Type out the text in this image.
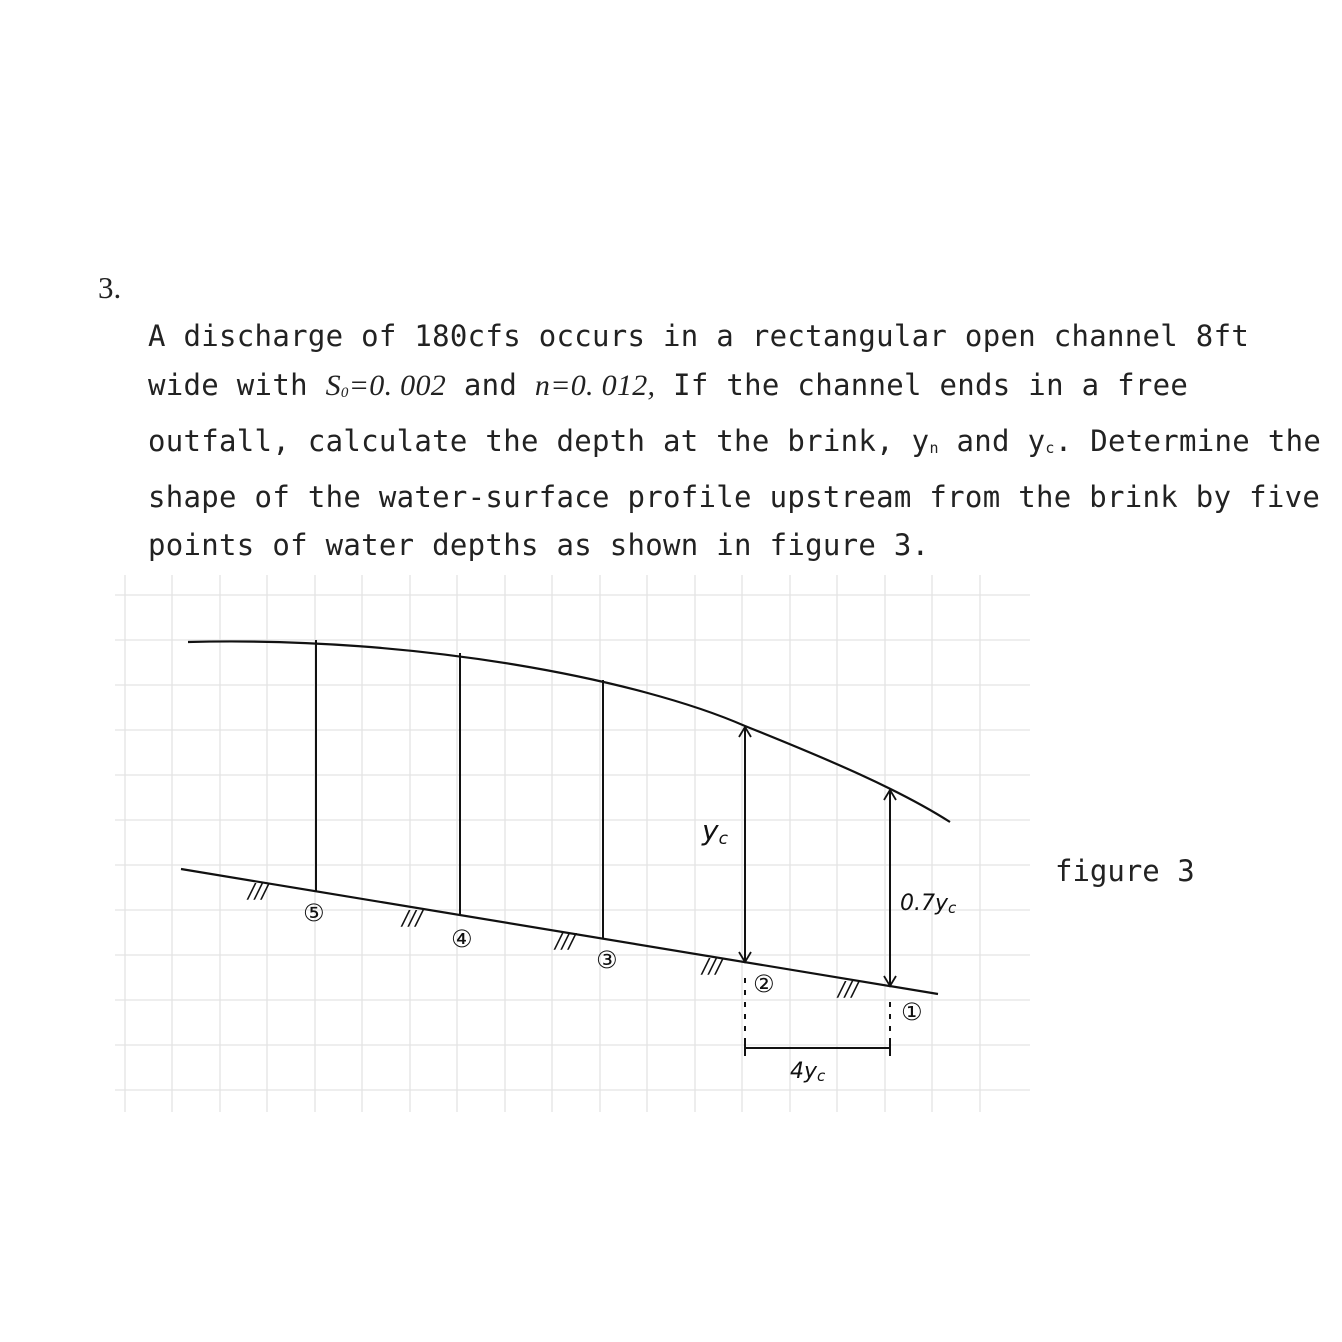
3.
A discharge of 180cfs occurs in a rectangular open channel 8ft
wide with S0=0. 002 and n=0. 012, If the channel ends in a free
outfall, calculate the depth at the brink, yn and yc. Determine the
shape of the water-surface profile upstream from the brink by five
points of water depths as shown in figure 3.
///
///
///
///
///
①
②
③
④
⑤
yc
0.7yc
4yc
figure 3
